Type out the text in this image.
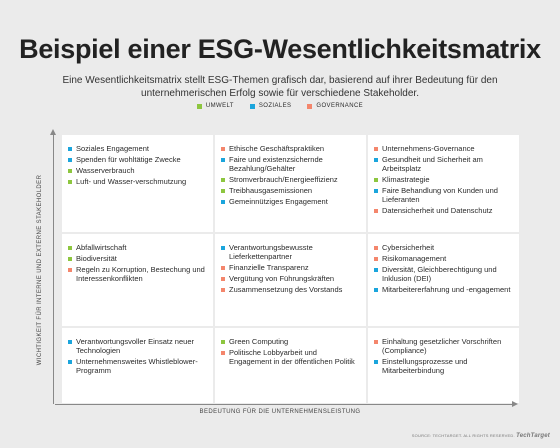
Beispiel einer ESG-Wesentlichkeitsmatrix
Eine Wesentlichkeitsmatrix stellt ESG-Themen grafisch dar, basierend auf ihrer Bedeutung für den unternehmerischen Erfolg sowie für verschiedene Stakeholder.
UMWELT	SOZIALES	GOVERNANCE
WICHTIGKEIT FÜR INTERNE UND EXTERNE STAKEHOLDER
Soziales Engagement
Spenden für wohltätige Zwecke
Wasserverbrauch
Luft- und Wasser-verschmutzung
Ethische Geschäftspraktiken
Faire und existenzsichernde Bezahlung/Gehälter
Stromverbrauch/Energieeffizienz
Treibhausgasemissionen
Gemeinnütziges Engagement
Unternehmens-Governance
Gesundheit und Sicherheit am Arbeitsplatz
Klimastrategie
Faire Behandlung von Kunden und Lieferanten
Datensicherheit und Datenschutz
Abfallwirtschaft
Biodiversität
Regeln zu Korruption, Bestechung und Interessenkonflikten
Verantwortungsbewusste Lieferkettenpartner
Finanzielle Transparenz
Vergütung von Führungskräften
Zusammensetzung des Vorstands
Cybersicherheit
Risikomanagement
Diversität, Gleichberechtigung und Inklusion (DEI)
Mitarbeitererfahrung und -engagement
Verantwortungsvoller Einsatz neuer Technologien
Unternehmensweites Whistleblower-Programm
Green Computing
Politische Lobbyarbeit und Engagement in der öffentlichen Politik
Einhaltung gesetzlicher Vorschriften (Compliance)
Einstellungsprozesse und Mitarbeiterbindung
BEDEUTUNG FÜR DIE UNTERNEHMENSLEISTUNG
SOURCE: TECHTARGET. ALL RIGHTS RESERVED. TechTarget
